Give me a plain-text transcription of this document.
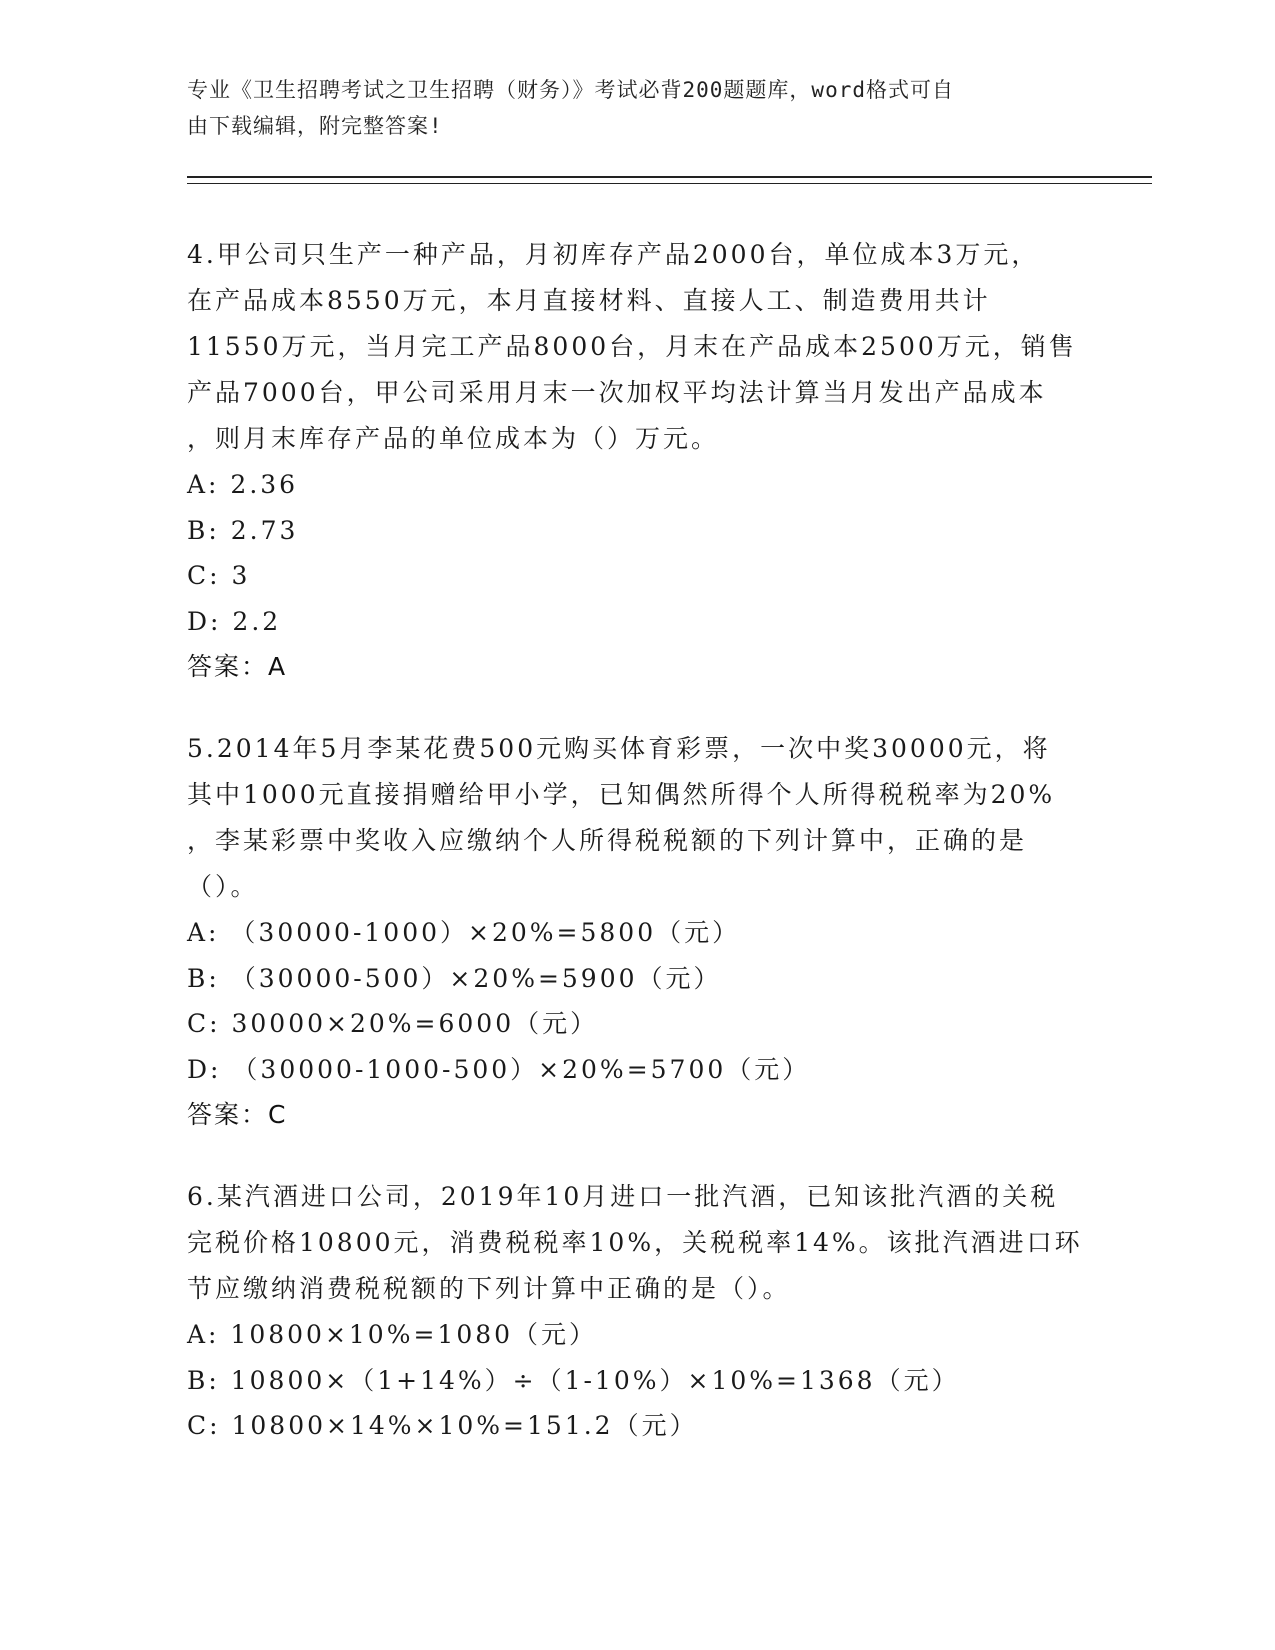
专业《卫生招聘考试之卫生招聘（财务）》考试必背200题题库，word格式可自
由下载编辑，附完整答案!
4.甲公司只生产一种产品，月初库存产品2000台，单位成本3万元，
在产品成本8550万元，本月直接材料、直接人工、制造费用共计
11550万元，当月完工产品8000台，月末在产品成本2500万元，销售
产品7000台，甲公司采用月末一次加权平均法计算当月发出产品成本
，则月末库存产品的单位成本为（）万元。
A: 2.36
B: 2.73
C: 3
D: 2.2
答案：A
5.2014年5月李某花费500元购买体育彩票，一次中奖30000元，将
其中1000元直接捐赠给甲小学，已知偶然所得个人所得税税率为20%
，李某彩票中奖收入应缴纳个人所得税税额的下列计算中，正确的是
（）。
A: （30000-1000）×20%=5800（元）
B: （30000-500）×20%=5900（元）
C: 30000×20%=6000（元）
D: （30000-1000-500）×20%=5700（元）
答案：C
6.某汽酒进口公司，2019年10月进口一批汽酒，已知该批汽酒的关税
完税价格10800元，消费税税率10%，关税税率14%。该批汽酒进口环
节应缴纳消费税税额的下列计算中正确的是（）。
A: 10800×10%=1080（元）
B: 10800×（1+14%）÷（1-10%）×10%=1368（元）
C: 10800×14%×10%=151.2（元）
